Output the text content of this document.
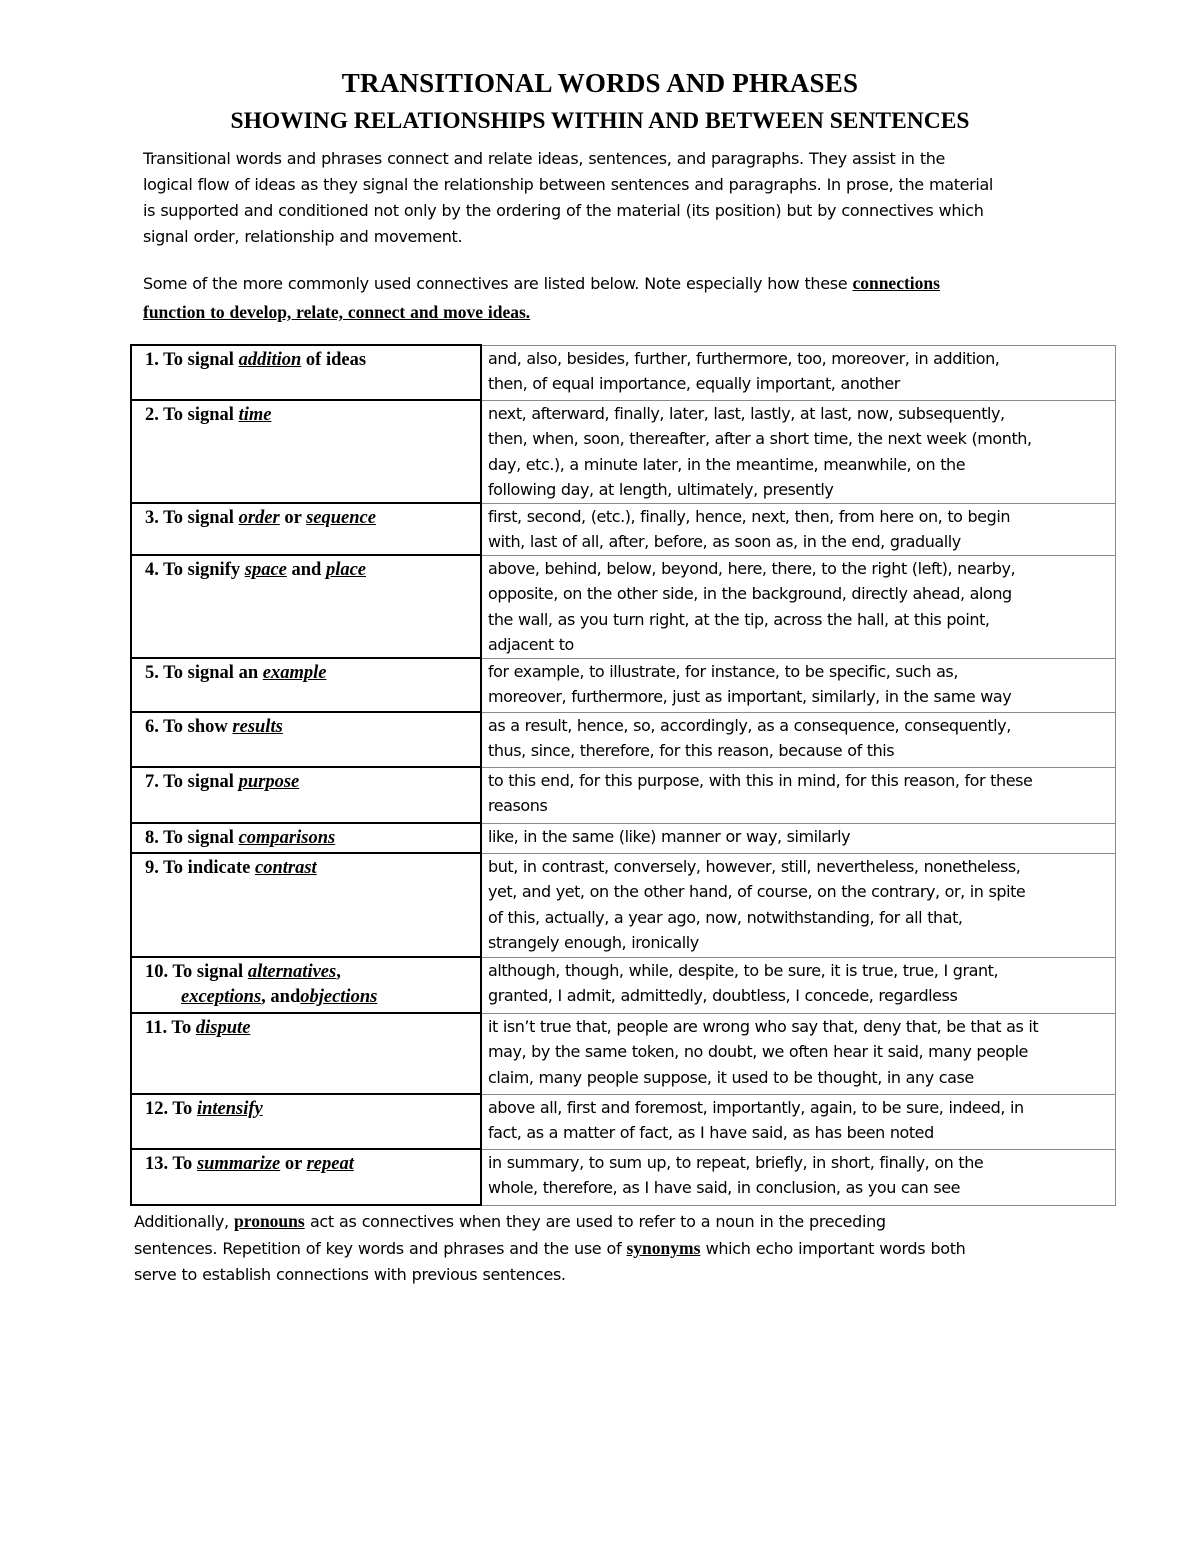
TRANSITIONAL WORDS AND PHRASES
SHOWING RELATIONSHIPS WITHIN AND BETWEEN SENTENCES

Transitional words and phrases connect and relate ideas, sentences, and paragraphs. They assist in the
logical flow of ideas as they signal the relationship between sentences and paragraphs. In prose, the material
is supported and conditioned not only by the ordering of the material (its position) but by connectives which
signal order, relationship and movement.

Some of the more commonly used connectives are listed below. Note especially how these connections
function to develop, relate, connect and move ideas.

1. To signal addition of ideas	and, also, besides, further, furthermore, too, moreover, in addition,
then, of equal importance, equally important, another
2. To signal time	next, afterward, finally, later, last, lastly, at last, now, subsequently,
then, when, soon, thereafter, after a short time, the next week (month,
day, etc.), a minute later, in the meantime, meanwhile, on the
following day, at length, ultimately, presently
3. To signal order or sequence	first, second, (etc.), finally, hence, next, then, from here on, to begin
with, last of all, after, before, as soon as, in the end, gradually
4. To signify space and place	above, behind, below, beyond, here, there, to the right (left), nearby,
opposite, on the other side, in the background, directly ahead, along
the wall, as you turn right, at the tip, across the hall, at this point,
adjacent to
5. To signal an example	for example, to illustrate, for instance, to be specific, such as,
moreover, furthermore, just as important, similarly, in the same way
6. To show results	as a result, hence, so, accordingly, as a consequence, consequently,
thus, since, therefore, for this reason, because of this
7. To signal purpose	to this end, for this purpose, with this in mind, for this reason, for these
reasons
8. To signal comparisons	like, in the same (like) manner or way, similarly
9. To indicate contrast	but, in contrast, conversely, however, still, nevertheless, nonetheless,
yet, and yet, on the other hand, of course, on the contrary, or, in spite
of this, actually, a year ago, now, notwithstanding, for all that,
strangely enough, ironically
10. To signal alternatives,
exceptions, andobjections	although, though, while, despite, to be sure, it is true, true, I grant,
granted, I admit, admittedly, doubtless, I concede, regardless
11. To dispute	it isn’t true that, people are wrong who say that, deny that, be that as it
may, by the same token, no doubt, we often hear it said, many people
claim, many people suppose, it used to be thought, in any case
12. To intensify	above all, first and foremost, importantly, again, to be sure, indeed, in
fact, as a matter of fact, as I have said, as has been noted
13. To summarize or repeat	in summary, to sum up, to repeat, briefly, in short, finally, on the
whole, therefore, as I have said, in conclusion, as you can see

Additionally, pronouns act as connectives when they are used to refer to a noun in the preceding
sentences. Repetition of key words and phrases and the use of synonyms which echo important words both
serve to establish connections with previous sentences.
